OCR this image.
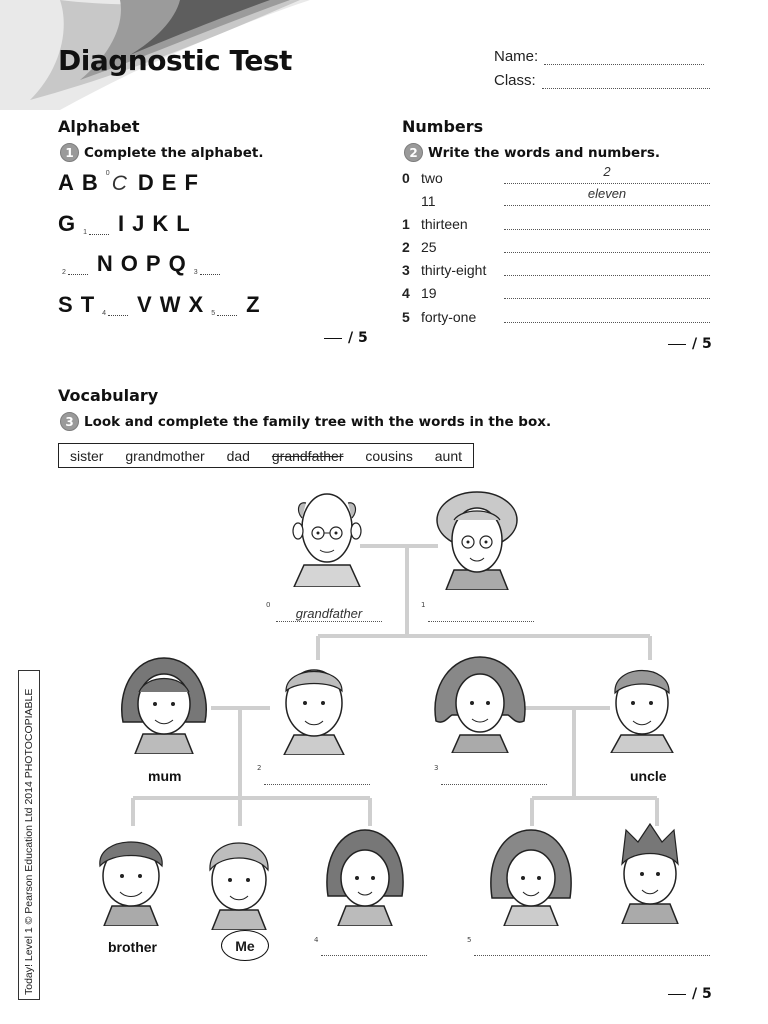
Diagnostic Test	Name:
Class:
Alphabet
1 Complete the alphabet.
A B 0 C D E F
G 1 I J K L
2 N O P Q 3
S T 4 V W X 5 Z
/ 5
Numbers
2 Write the words and numbers.
0 two	2
11	eleven
1 thirteen
2 25
3 thirty-eight
4 19
5 forty-one
/ 5
Vocabulary
3 Look and complete the family tree with the words in the box.
sister grandmother dad grandfather cousins aunt
0
grandfather
1
mum	2	3	uncle
brother	Me	4	5
/ 5
Today! Level 1 © Pearson Education Ltd 2014 PHOTOCOPIABLE
